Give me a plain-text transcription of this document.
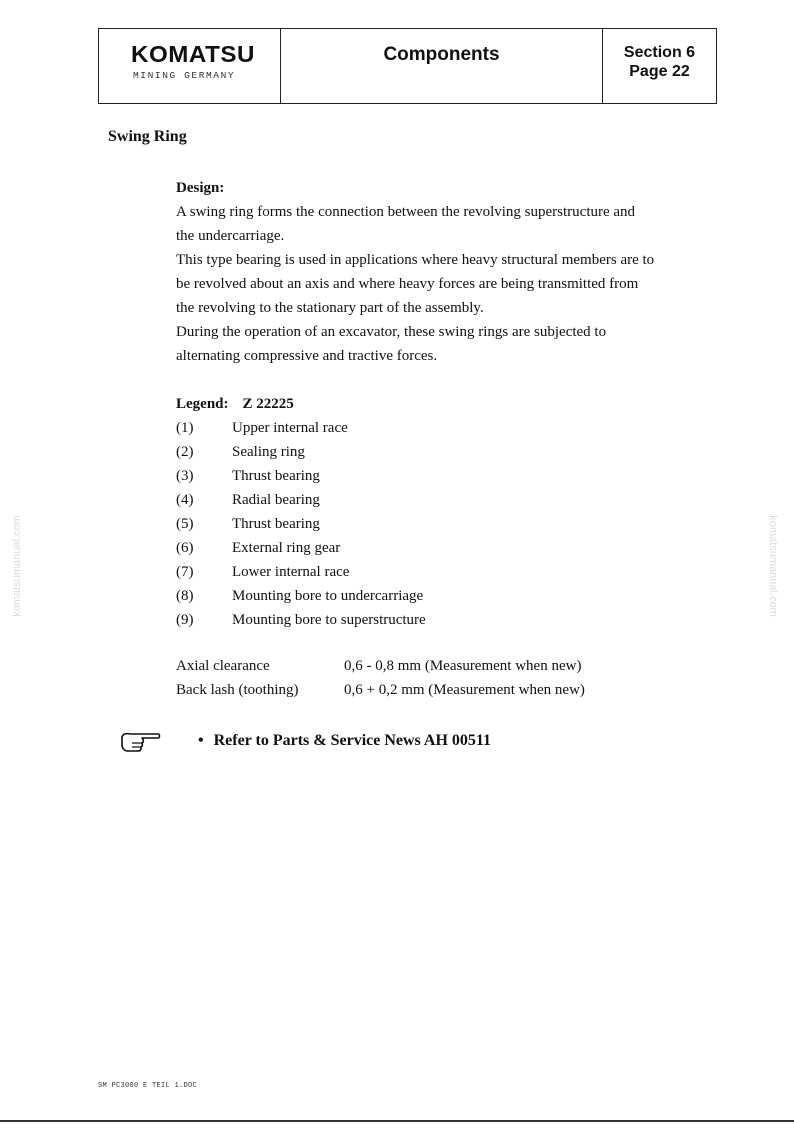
KOMATSU
MINING GERMANY
Components	Section 6
Page 22
Swing Ring
Design:
A swing ring forms the connection between the revolving superstructure and
the undercarriage.
This type bearing is used in applications where heavy structural members are to
be revolved about an axis and where heavy forces are being transmitted from
the revolving to the stationary part of the assembly.
During the operation of an excavator, these swing rings are subjected to
alternating compressive and tractive forces.
Legend: Z 22225
(1)	Upper internal race
(2)	Sealing ring
(3)	Thrust bearing
(4)	Radial bearing
(5)	Thrust bearing
(6)	External ring gear
(7)	Lower internal race
(8)	Mounting bore to undercarriage
(9)	Mounting bore to superstructure
Axial clearance	0,6 - 0,8 mm (Measurement when new)
Back lash (toothing)	0,6 + 0,2 mm (Measurement when new)
• Refer to Parts & Service News AH 00511
komatsumanual.com	komatsumanual.com
SM PC3000 E TEIL 1.DOC
